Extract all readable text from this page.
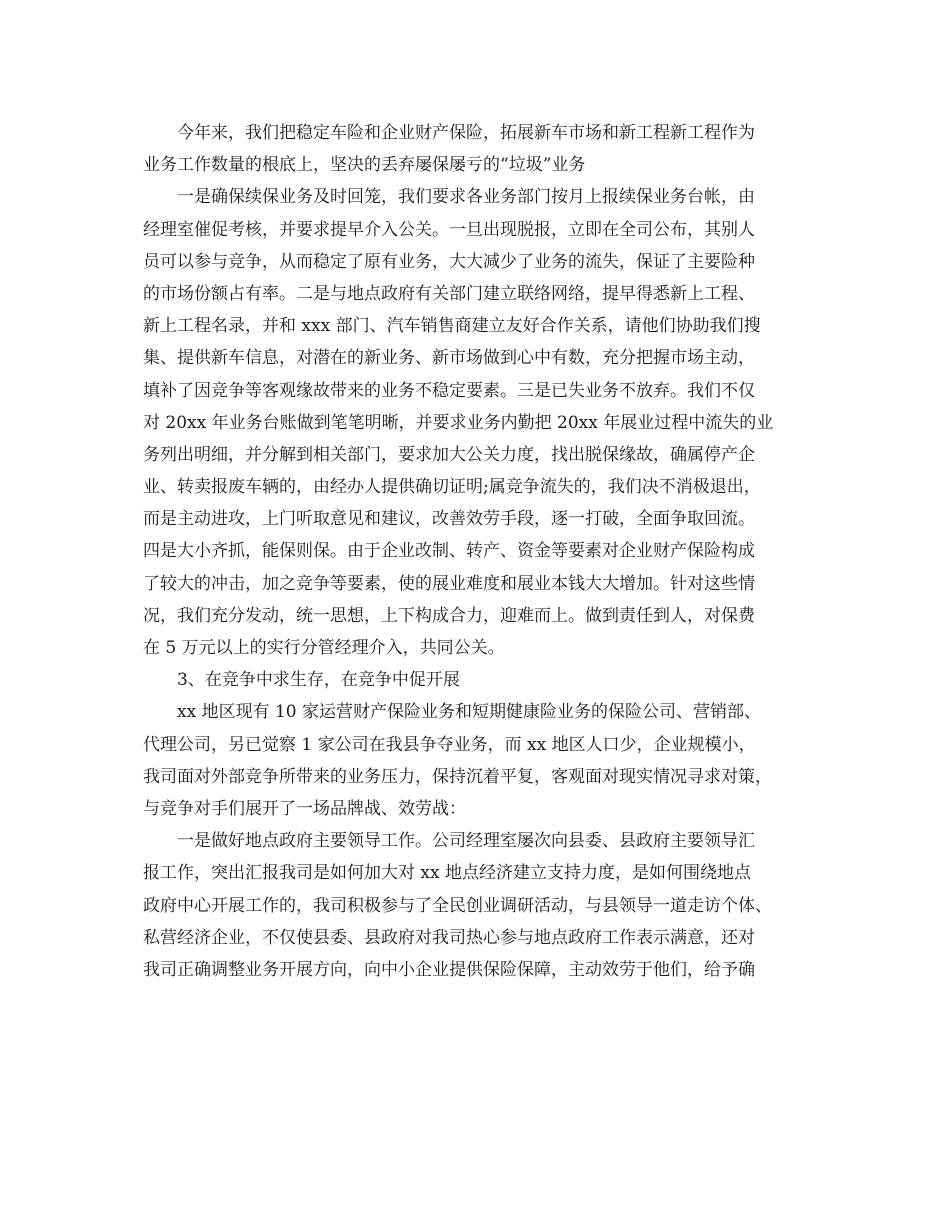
今年来，我们把稳定车险和企业财产保险，拓展新车市场和新工程新工程作为
业务工作数量的根底上，坚决的丢弃屡保屡亏的“垃圾”业务
一是确保续保业务及时回笼，我们要求各业务部门按月上报续保业务台帐，由
经理室催促考核，并要求提早介入公关。一旦出现脱报，立即在全司公布，其别人
员可以参与竞争，从而稳定了原有业务，大大减少了业务的流失，保证了主要险种
的市场份额占有率。二是与地点政府有关部门建立联络网络，提早得悉新上工程、
新上工程名录，并和 xxx 部门、汽车销售商建立友好合作关系，请他们协助我们搜
集、提供新车信息，对潜在的新业务、新市场做到心中有数，充分把握市场主动，
填补了因竞争等客观缘故带来的业务不稳定要素。三是已失业务不放弃。我们不仅
对 20xx 年业务台账做到笔笔明晰，并要求业务内勤把 20xx 年展业过程中流失的业
务列出明细，并分解到相关部门，要求加大公关力度，找出脱保缘故，确属停产企
业、转卖报废车辆的，由经办人提供确切证明;属竞争流失的，我们决不消极退出，
而是主动进攻，上门听取意见和建议，改善效劳手段，逐一打破，全面争取回流。
四是大小齐抓，能保则保。由于企业改制、转产、资金等要素对企业财产保险构成
了较大的冲击，加之竞争等要素，使的展业难度和展业本钱大大增加。针对这些情
况，我们充分发动，统一思想，上下构成合力，迎难而上。做到责任到人，对保费
在 5 万元以上的实行分管经理介入，共同公关。
3、在竞争中求生存，在竞争中促开展
xx 地区现有 10 家运营财产保险业务和短期健康险业务的保险公司、营销部、
代理公司，另已觉察 1 家公司在我县争夺业务，而 xx 地区人口少，企业规模小，
我司面对外部竞争所带来的业务压力，保持沉着平复，客观面对现实情况寻求对策，
与竞争对手们展开了一场品牌战、效劳战：
一是做好地点政府主要领导工作。公司经理室屡次向县委、县政府主要领导汇
报工作，突出汇报我司是如何加大对 xx 地点经济建立支持力度，是如何围绕地点
政府中心开展工作的，我司积极参与了全民创业调研活动，与县领导一道走访个体、
私营经济企业，不仅使县委、县政府对我司热心参与地点政府工作表示满意，还对
我司正确调整业务开展方向，向中小企业提供保险保障，主动效劳于他们，给予确
